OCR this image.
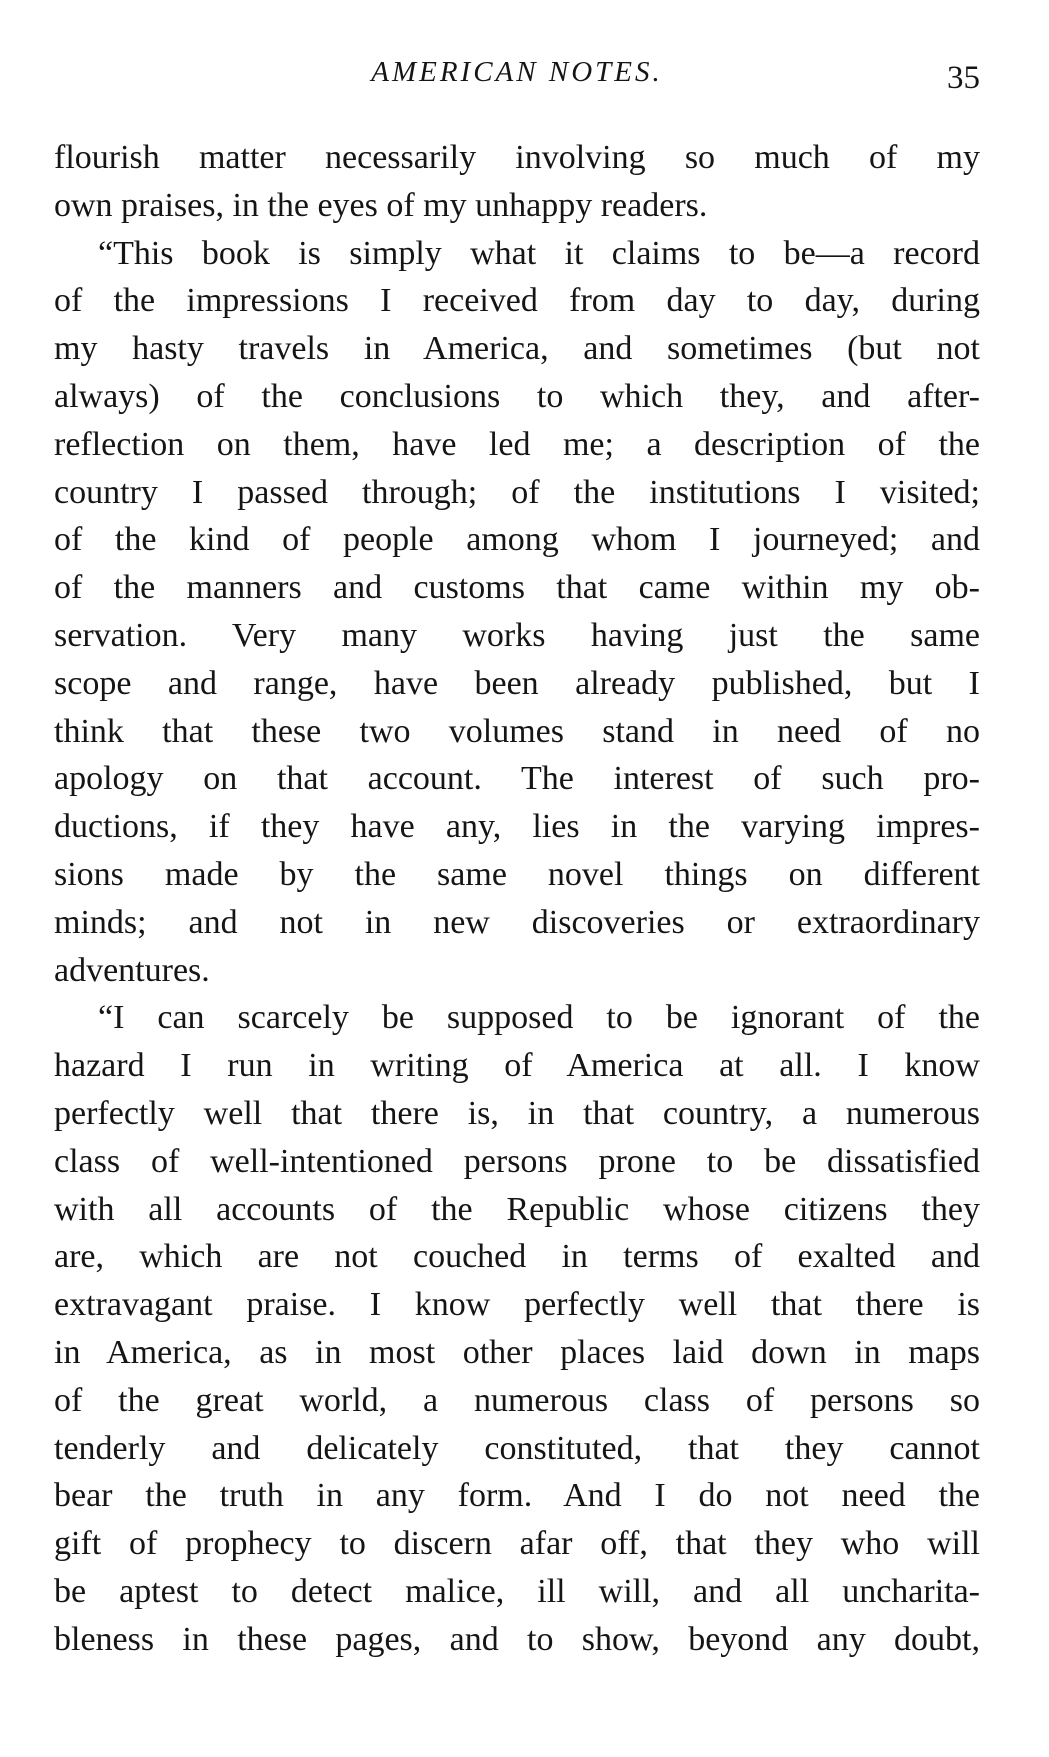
AMERICAN NOTES.	35
flourish matter necessarily involving so much of my
own praises, in the eyes of my unhappy readers.
“This book is simply what it claims to be—a record
of the impressions I received from day to day, during
my hasty travels in America, and sometimes (but not
always) of the conclusions to which they, and after-
reflection on them, have led me; a description of the
country I passed through; of the institutions I visited;
of the kind of people among whom I journeyed; and
of the manners and customs that came within my ob-
servation. Very many works having just the same
scope and range, have been already published, but I
think that these two volumes stand in need of no
apology on that account. The interest of such pro-
ductions, if they have any, lies in the varying impres-
sions made by the same novel things on different
minds; and not in new discoveries or extraordinary
adventures.
“I can scarcely be supposed to be ignorant of the
hazard I run in writing of America at all. I know
perfectly well that there is, in that country, a numerous
class of well-intentioned persons prone to be dissatisfied
with all accounts of the Republic whose citizens they
are, which are not couched in terms of exalted and
extravagant praise. I know perfectly well that there is
in America, as in most other places laid down in maps
of the great world, a numerous class of persons so
tenderly and delicately constituted, that they cannot
bear the truth in any form. And I do not need the
gift of prophecy to discern afar off, that they who will
be aptest to detect malice, ill will, and all uncharita-
bleness in these pages, and to show, beyond any doubt,
